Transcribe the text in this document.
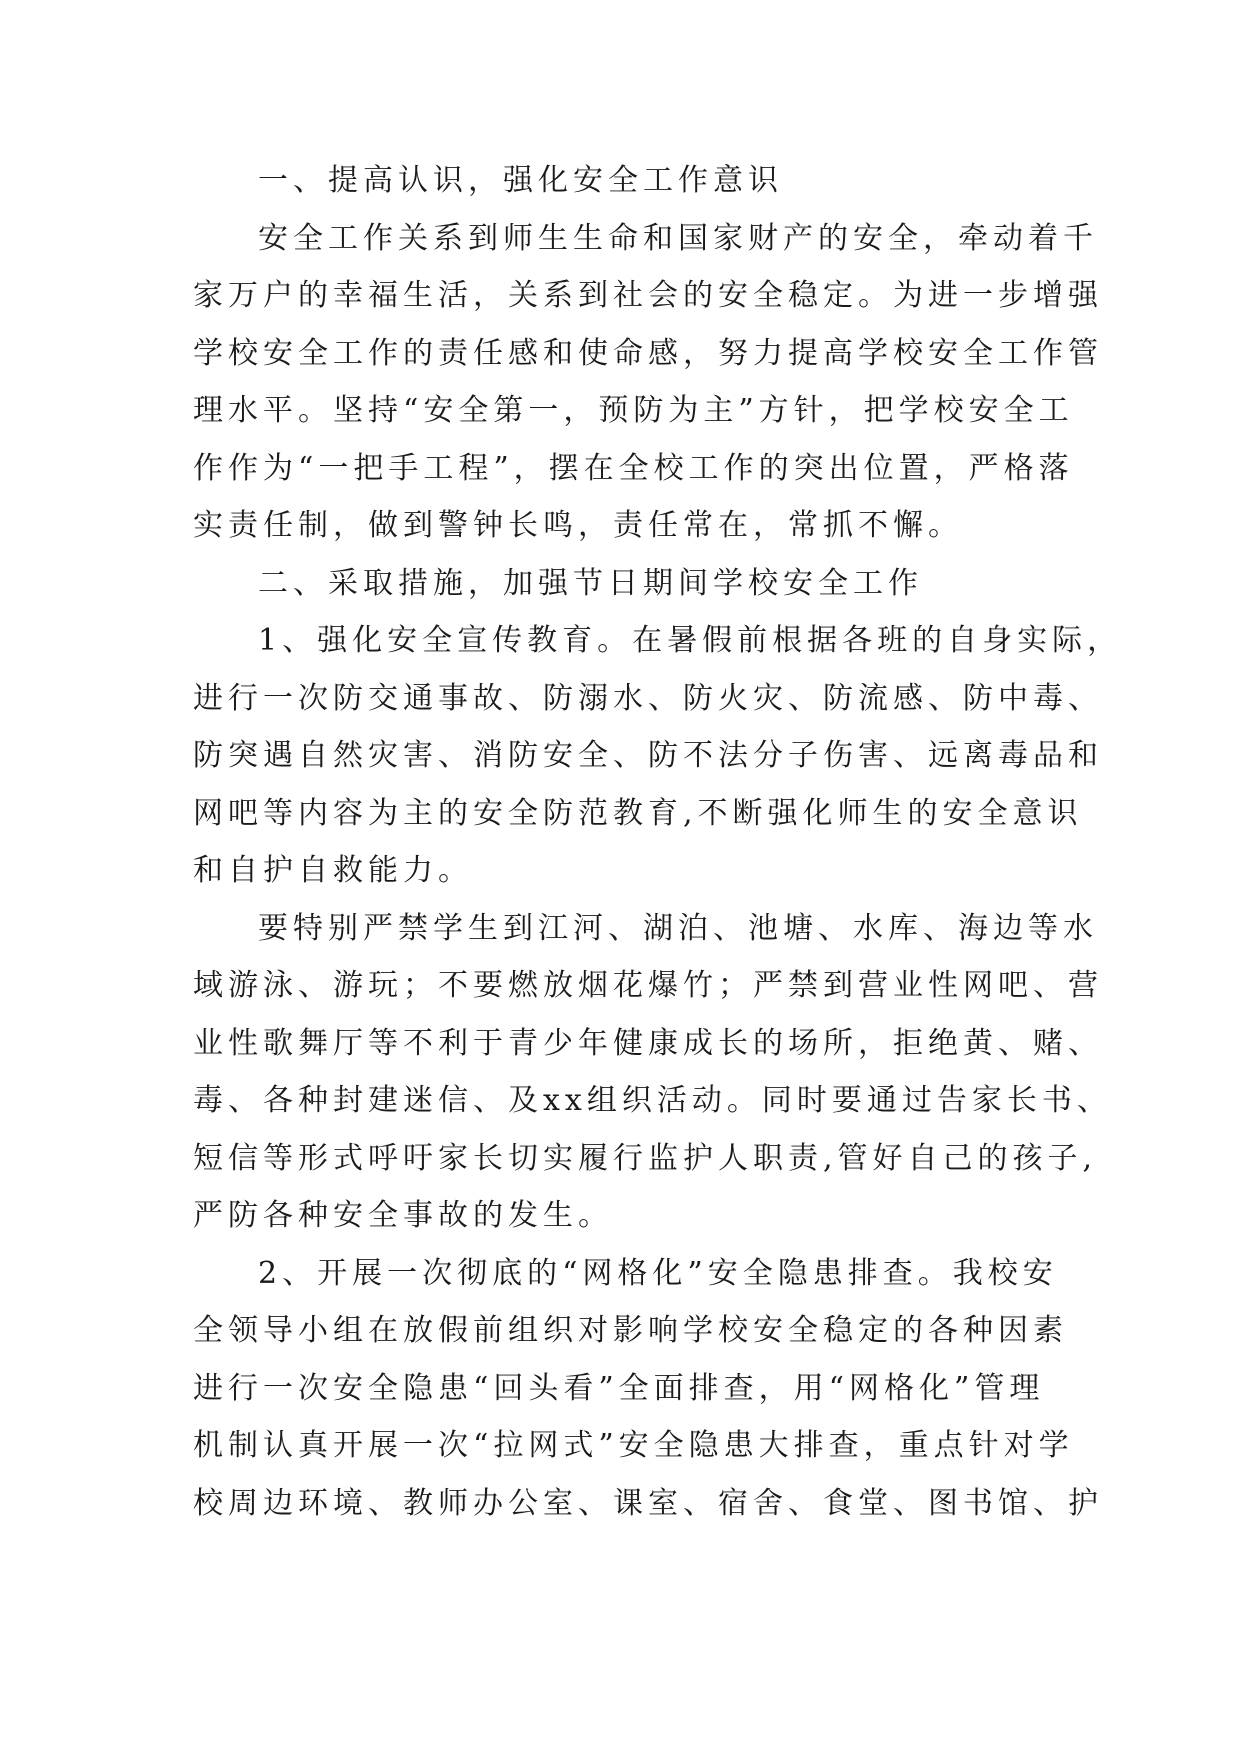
一、提高认识，强化安全工作意识
安全工作关系到师生生命和国家财产的安全，牵动着千
家万户的幸福生活，关系到社会的安全稳定。为进一步增强
学校安全工作的责任感和使命感，努力提高学校安全工作管
理水平。坚持“安全第一，预防为主”方针，把学校安全工
作作为“一把手工程”，摆在全校工作的突出位置，严格落
实责任制，做到警钟长鸣，责任常在，常抓不懈。
二、采取措施，加强节日期间学校安全工作
1、强化安全宣传教育。在暑假前根据各班的自身实际，
进行一次防交通事故、防溺水、防火灾、防流感、防中毒、
防突遇自然灾害、消防安全、防不法分子伤害、远离毒品和
网吧等内容为主的安全防范教育,不断强化师生的安全意识
和自护自救能力。
要特别严禁学生到江河、湖泊、池塘、水库、海边等水
域游泳、游玩；不要燃放烟花爆竹；严禁到营业性网吧、营
业性歌舞厅等不利于青少年健康成长的场所，拒绝黄、赌、
毒、各种封建迷信、及xx组织活动。同时要通过告家长书、
短信等形式呼吁家长切实履行监护人职责,管好自己的孩子,
严防各种安全事故的发生。
2、开展一次彻底的“网格化”安全隐患排查。我校安
全领导小组在放假前组织对影响学校安全稳定的各种因素
进行一次安全隐患“回头看”全面排查，用“网格化”管理
机制认真开展一次“拉网式”安全隐患大排查，重点针对学
校周边环境、教师办公室、课室、宿舍、食堂、图书馆、护
